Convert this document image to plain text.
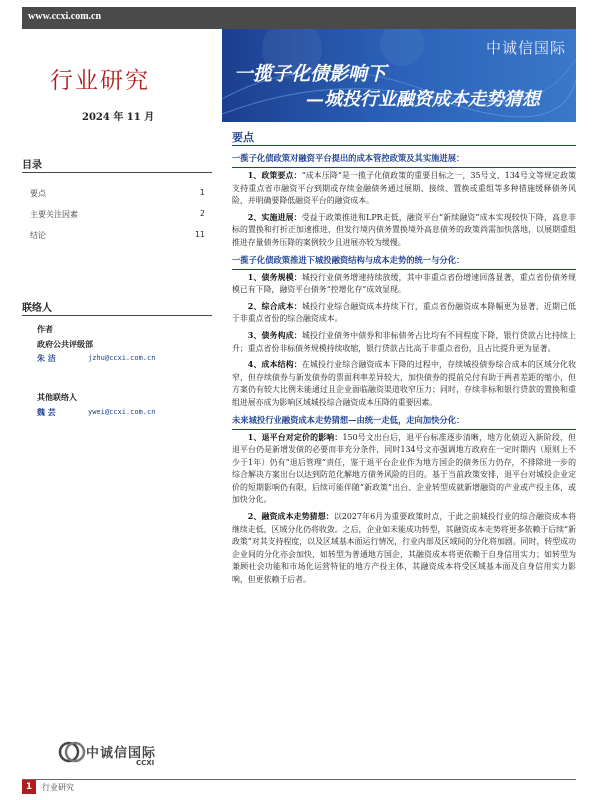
www.ccxi.com.cn
中诚信国际
一揽子化债影响下
—城投行业融资成本走势猜想
行业研究
2024 年 11 月
目录
要点	1
主要关注因素	2
结论	11
联络人
作者
政府公共评级部
朱 洁	jzhu@ccxi.com.cn
其他联络人
魏 芸	ywei@ccxi.com.cn
中诚信国际
CCXI
要点
一揽子化债政策对融资平台提出的成本管控政策及其实施进展：
1、政策要点：“成本压降”是一揽子化债政策的重要目标之一，35号文、134号文等规定政策支持重点省市融资平台到期或存续金融债务通过展期、接续、置换或重组等多种措施缓释债务风险，并明确要降低融资平台的融资成本。
2、实施进展：受益于政策推进和LPR走低，融资平台“新续融资”成本实现较快下降，高息非标的置换和打折正加速推进，但发行境内债务置换境外高息债务的政策尚需加快落地，以展期重组推进存量债务压降的案例较少且进展亦较为缓慢。
一揽子化债政策推进下城投融资结构与成本走势的统一与分化：
1、债务规模：城投行业债务增速持续放缓，其中非重点省份增速回落显著，重点省份债务规模已有下降，融资平台债务“控增化存”成效显现。
2、综合成本：城投行业综合融资成本持续下行，重点省份融资成本降幅更为显著，近期已低于非重点省份的综合融资成本。
3、债务构成：城投行业债务中债券和非标债务占比均有不同程度下降，银行贷款占比持续上升；重点省份非标债务规模持续收缩，银行贷款占比高于非重点省份，且占比提升更为显著。
4、成本结构：在城投行业综合融资成本下降的过程中，存续城投债券综合成本的区域分化收窄，但存续债券与新发债券的票面利率差异较大，加快债券的提前兑付有助于两者差距的缩小，但方案仍有较大比例未能通过且企业面临融资渠道收窄压力；同时，存续非标和银行贷款的置换和重组进展亦成为影响区域城投综合融资成本压降的重要因素。
未来城投行业融资成本走势猜想—由统一走低，走向加快分化：
1、退平台对定价的影响：150号文出台后，退平台标准逐步清晰，地方化债迈入新阶段，但退平台仍是新增发债的必要而非充分条件，同时134号文亦强调地方政府在一定时期内（原则上不少于1年）仍有“退后管理”责任，鉴于退平台企业作为地方国企的债务压力仍存，不排除进一步的综合解决方案出台以达到防范化解地方债务风险的目的。基于当前政策安排，退平台对城投企业定价的短期影响仍有限，后续可能伴随“新政策”出台、企业转型成就新增融资的产业或产投主体，或加快分化。
2、融资成本走势猜想：以2027年6月为重要政策时点，于此之前城投行业的综合融资成本将继续走低，区域分化仍将收敛。之后，企业如未能成功转型，其融资成本走势将更多依赖于后续“新政策”对其支持程度，以及区域基本面运行情况，行业内部及区域间的分化将加剧。同时，转型成功企业间的分化亦会加快，如转型为普通地方国企，其融资成本将更依赖于自身信用实力；如转型为兼顾社会功能和市场化运营特征的地方产投主体，其融资成本将受区域基本面及自身信用实力影响，但更依赖于后者。
1	行业研究
